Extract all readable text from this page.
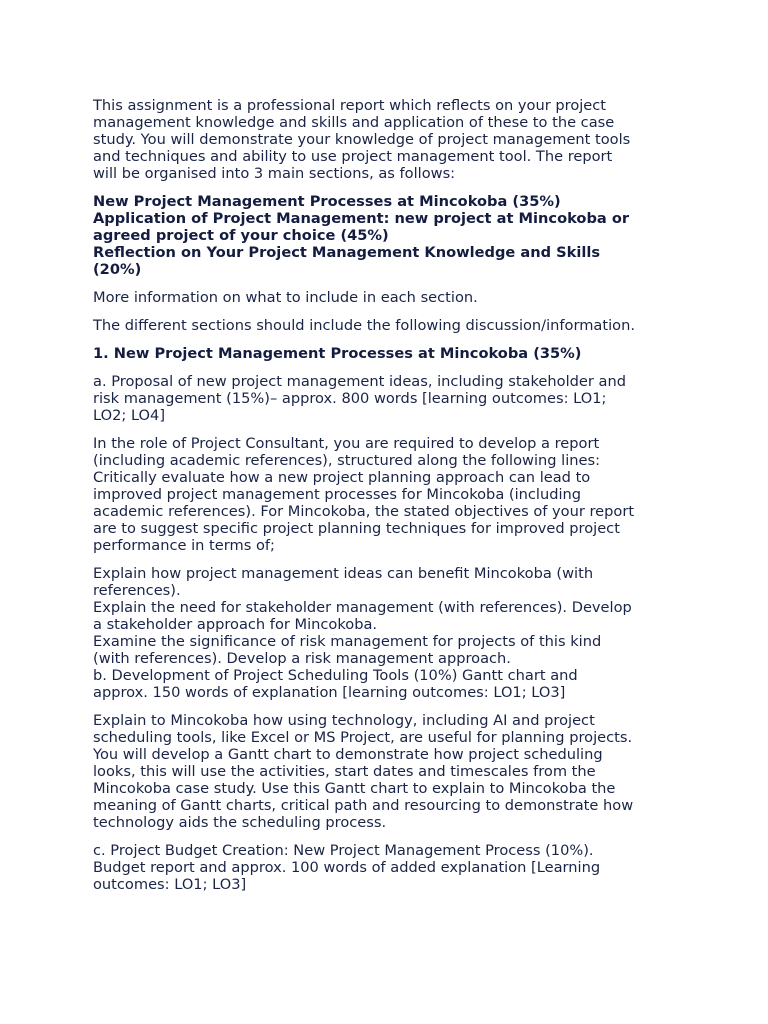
This assignment is a professional report which reflects on your project
management knowledge and skills and application of these to the case
study. You will demonstrate your knowledge of project management tools
and techniques and ability to use project management tool. The report
will be organised into 3 main sections, as follows:

New Project Management Processes at Mincokoba (35%)
Application of Project Management: new project at Mincokoba or
agreed project of your choice (45%)
Reflection on Your Project Management Knowledge and Skills
(20%)

More information on what to include in each section.

The different sections should include the following discussion/information.

1. New Project Management Processes at Mincokoba (35%)

a. Proposal of new project management ideas, including stakeholder and
risk management (15%)– approx. 800 words [learning outcomes: LO1;
LO2; LO4]

In the role of Project Consultant, you are required to develop a report
(including academic references), structured along the following lines:
Critically evaluate how a new project planning approach can lead to
improved project management processes for Mincokoba (including
academic references). For Mincokoba, the stated objectives of your report
are to suggest specific project planning techniques for improved project
performance in terms of;

Explain how project management ideas can benefit Mincokoba (with
references).
Explain the need for stakeholder management (with references). Develop
a stakeholder approach for Mincokoba.
Examine the significance of risk management for projects of this kind
(with references). Develop a risk management approach.
b. Development of Project Scheduling Tools (10%) Gantt chart and
approx. 150 words of explanation [learning outcomes: LO1; LO3]

Explain to Mincokoba how using technology, including AI and project
scheduling tools, like Excel or MS Project, are useful for planning projects.
You will develop a Gantt chart to demonstrate how project scheduling
looks, this will use the activities, start dates and timescales from the
Mincokoba case study. Use this Gantt chart to explain to Mincokoba the
meaning of Gantt charts, critical path and resourcing to demonstrate how
technology aids the scheduling process.

c. Project Budget Creation: New Project Management Process (10%).
Budget report and approx. 100 words of added explanation [Learning
outcomes: LO1; LO3]
